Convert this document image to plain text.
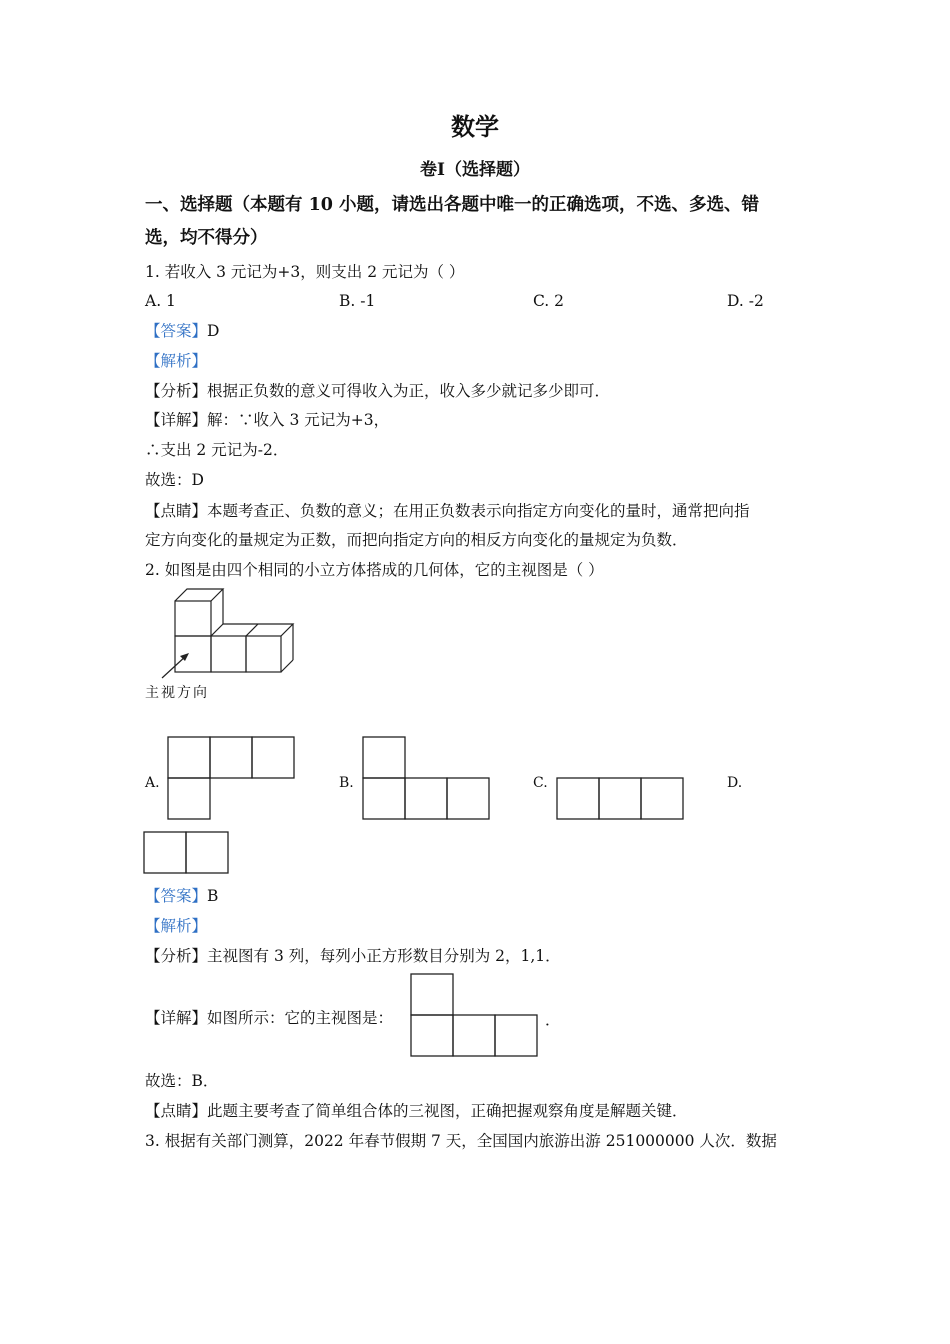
数学
卷Ⅰ（选择题）
一、选择题（本题有 10 小题，请选出各题中唯一的正确选项，不选、多选、错
选，均不得分）
1. 若收入 3 元记为+3，则支出 2 元记为（ ）
A. 1	B. -1	C. 2	D. -2
【答案】D
【解析】
【分析】根据正负数的意义可得收入为正，收入多少就记多少即可．
【详解】解：∵收入 3 元记为+3，
∴支出 2 元记为-2．
故选：D
【点睛】本题考查正、负数的意义；在用正负数表示向指定方向变化的量时，通常把向指
定方向变化的量规定为正数，而把向指定方向的相反方向变化的量规定为负数．
2. 如图是由四个相同的小立方体搭成的几何体，它的主视图是（ ）
主视方向
A.	B.	C.	D.
【答案】B
【解析】
【分析】主视图有 3 列，每列小正方形数目分别为 2，1,1．
【详解】如图所示：它的主视图是：	．
故选：B．
【点睛】此题主要考查了简单组合体的三视图，正确把握观察角度是解题关键．
3. 根据有关部门测算，2022 年春节假期 7 天，全国国内旅游出游 251000000 人次．数据
